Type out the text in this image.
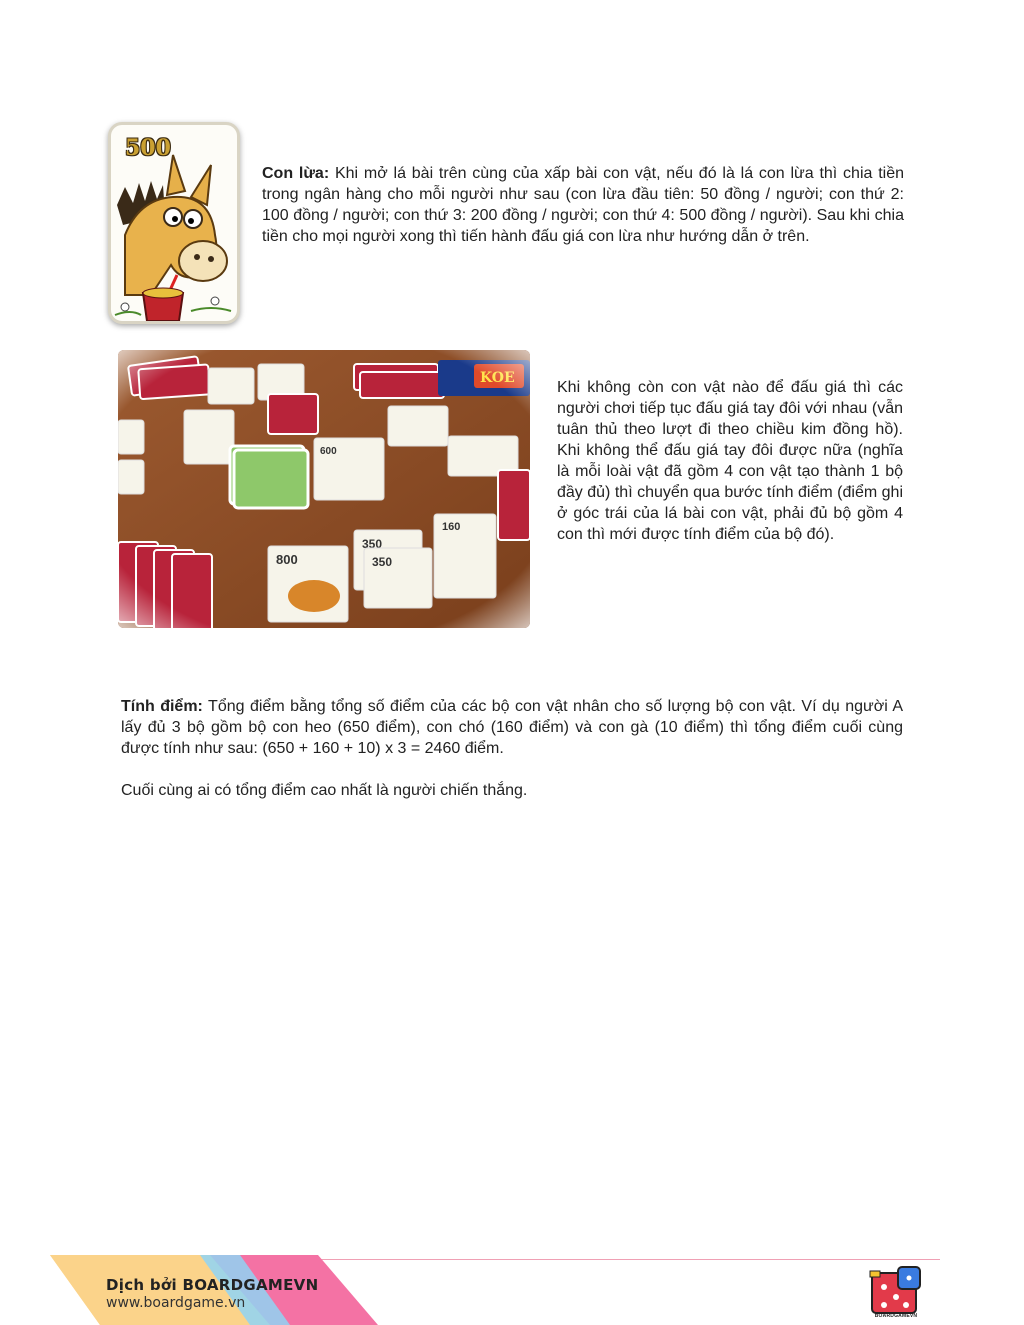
500

Con lừa: Khi mở lá bài trên cùng của xấp bài con vật, nếu đó là lá con lừa thì chia tiền trong ngân hàng cho mỗi người như sau (con lừa đầu tiên: 50 đồng / người; con thứ 2: 100 đồng / người; con thứ 3: 200 đồng / người; con thứ 4: 500 đồng / người). Sau khi chia tiền cho mọi người xong thì tiến hành đấu giá con lừa như hướng dẫn ở trên.

Khi không còn con vật nào để đấu giá thì các người chơi tiếp tục đấu giá tay đôi với nhau (vẫn tuân thủ theo lượt đi theo chiều kim đồng hồ). Khi không thể đấu giá tay đôi được nữa (nghĩa là mỗi loài vật đã gồm 4 con vật tạo thành 1 bộ đầy đủ) thì chuyển qua bước tính điểm (điểm ghi ở góc trái của lá bài con vật, phải đủ bộ gồm 4 con thì mới được tính điểm của bộ đó).

Tính điểm: Tổng điểm bằng tổng số điểm của các bộ con vật nhân cho số lượng bộ con vật. Ví dụ người A lấy đủ 3 bộ gồm bộ con heo (650 điểm), con chó (160 điểm) và con gà (10 điểm) thì tổng điểm cuối cùng được tính như sau: (650 + 160 + 10) x 3 = 2460 điểm.

Cuối cùng ai có tổng điểm cao nhất là người chiến thắng.

Dịch bởi BOARDGAMEVN
www.boardgame.vn
BOARDGAMEVN
